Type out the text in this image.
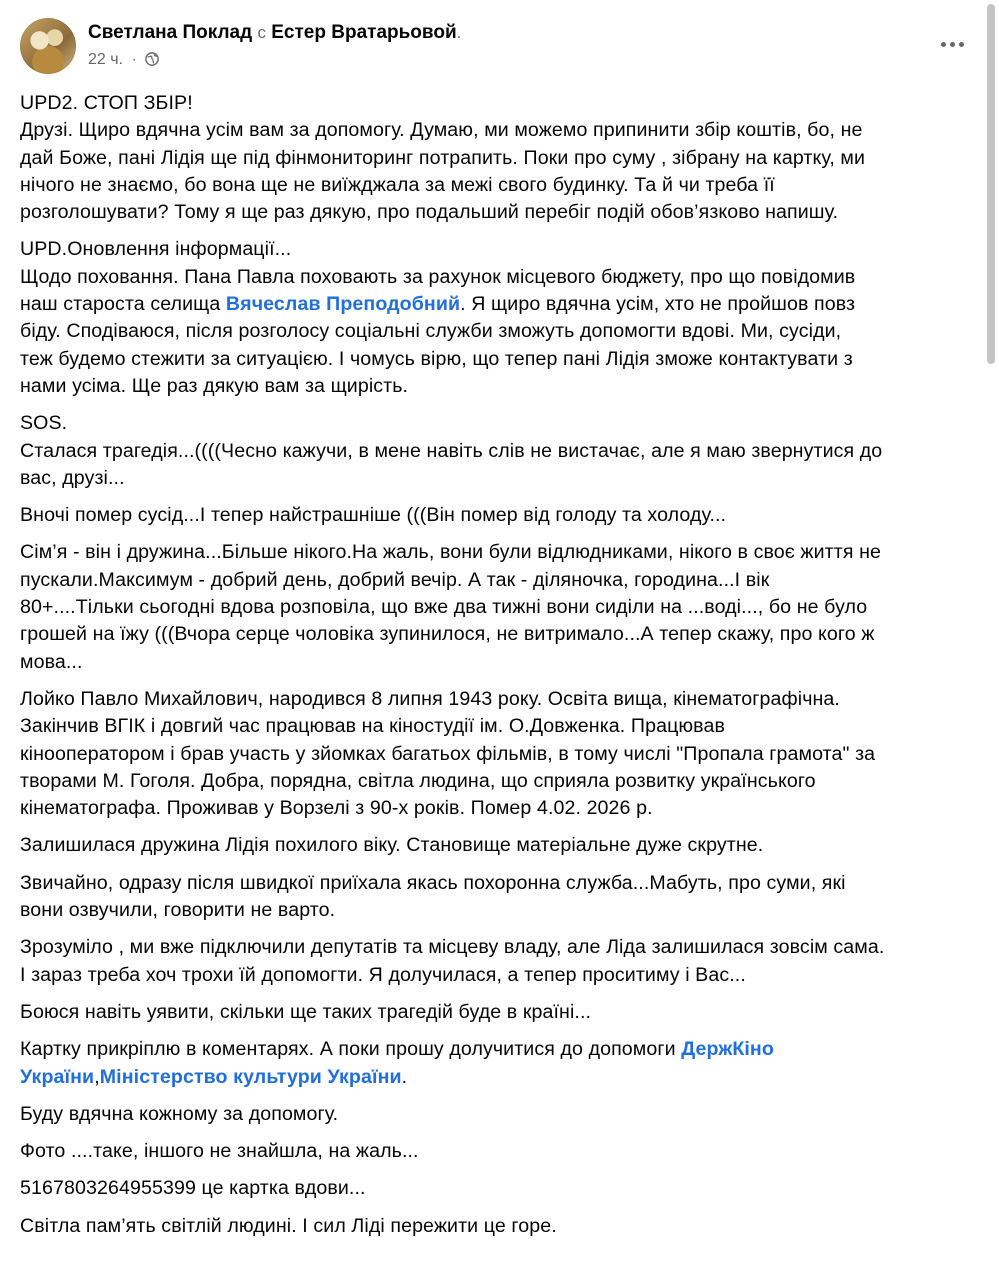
Светлана Поклад с Естер Вратарьовой.
22 ч. ·
UPD2. СТОП ЗБІР!
Друзі. Щиро вдячна усім вам за допомогу. Думаю, ми можемо припинити збір коштів, бо, не
дай Боже, пані Лідія ще під фінмониторинг потрапить. Поки про суму , зібрану на картку, ми
нічого не знаємо, бо вона ще не виїжджала за межі свого будинку. Та й чи треба її
розголошувати? Тому я ще раз дякую, про подальший перебіг подій обов’язково напишу.
UPD.Оновлення інформації...
Щодо поховання. Пана Павла поховають за рахунок місцевого бюджету, про що повідомив
наш староста селища Вячеслав Преподобний. Я щиро вдячна усім, хто не пройшов повз
біду. Сподіваюся, після розголосу соціальні служби зможуть допомогти вдові. Ми, сусіди,
теж будемо стежити за ситуацією. І чомусь вірю, що тепер пані Лідія зможе контактувати з
нами усіма. Ще раз дякую вам за щирість.
SOS.
Сталася трагедія...((((Чесно кажучи, в мене навіть слів не вистачає, але я маю звернутися до
вас, друзі...
Вночі помер сусід...І тепер найстрашніше (((Він помер від голоду та холоду...
Сім’я - він і дружина...Більше нікого.На жаль, вони були відлюдниками, нікого в своє життя не
пускали.Максимум - добрий день, добрий вечір. А так - діляночка, городина...І вік
80+....Тільки сьогодні вдова розповіла, що вже два тижні вони сиділи на ...воді..., бо не було
грошей на їжу (((Вчора серце чоловіка зупинилося, не витримало...А тепер скажу, про кого ж
мова...
Лойко Павло Михайлович, народився 8 липня 1943 року. Освіта вища, кінематографічна.
Закінчив ВГІК і довгий час працював на кіностудії ім. О.Довженка. Працював
кінооператором і брав участь у зйомках багатьох фільмів, в тому числі "Пропала грамота" за
творами М. Гоголя. Добра, порядна, світла людина, що сприяла розвитку українського
кінематографа. Проживав у Ворзелі з 90-х років. Помер 4.02. 2026 р.
Залишилася дружина Лідія похилого віку. Становище матеріальне дуже скрутне.
Звичайно, одразу після швидкої приїхала якась похоронна служба...Мабуть, про суми, які
вони озвучили, говорити не варто.
Зрозуміло , ми вже підключили депутатів та місцеву владу, але Ліда залишилася зовсім сама.
І зараз треба хоч трохи їй допомогти. Я долучилася, а тепер проситиму і Вас...
Боюся навіть уявити, скільки ще таких трагедій буде в країні...
Картку прикріплю в коментарях. А поки прошу долучитися до допомоги ДержКіно
України,Міністерство культури України.
Буду вдячна кожному за допомогу.
Фото ....таке, іншого не знайшла, на жаль...
5167803264955399 це картка вдови...
Світла пам’ять світлій людині. І сил Ліді пережити це горе.
